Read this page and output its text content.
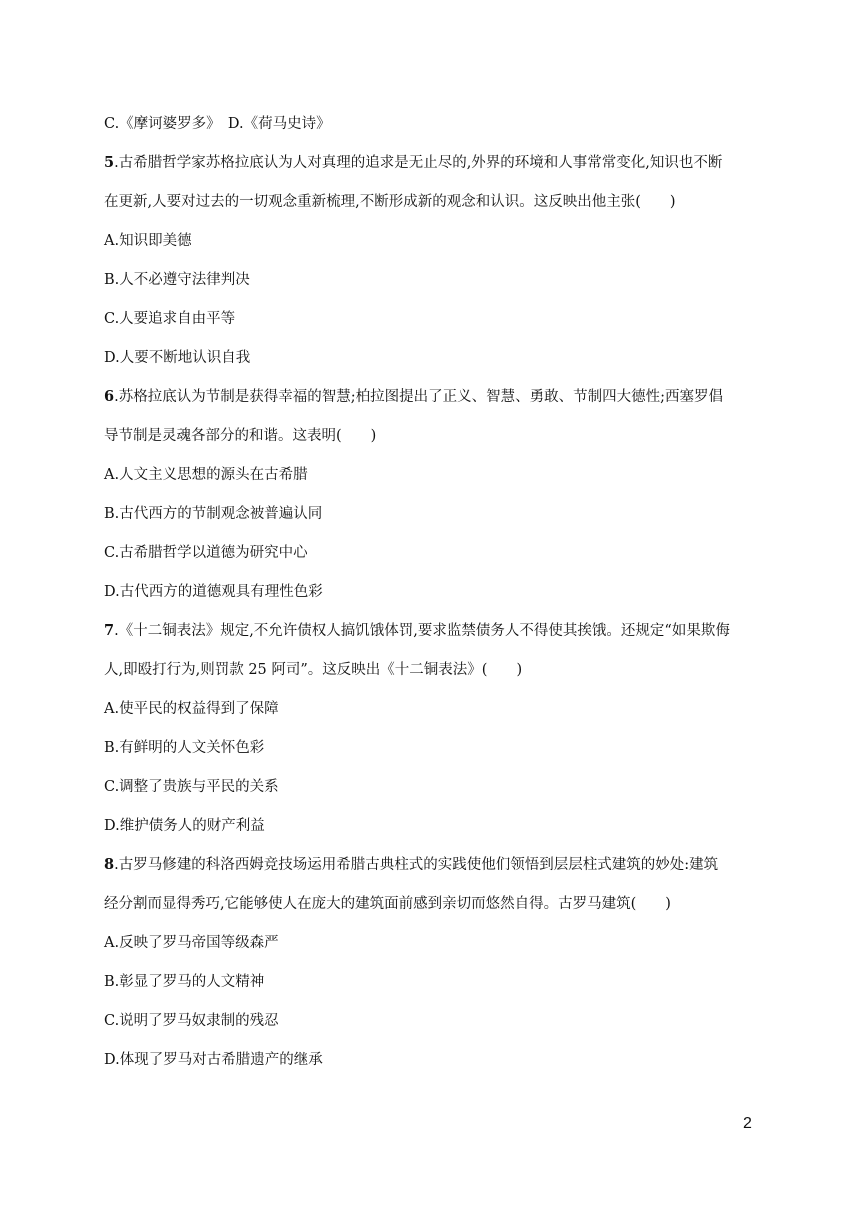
C.《摩诃婆罗多》　D.《荷马史诗》
5.古希腊哲学家苏格拉底认为人对真理的追求是无止尽的,外界的环境和人事常常变化,知识也不断
在更新,人要对过去的一切观念重新梳理,不断形成新的观念和认识。这反映出他主张(　　)
A.知识即美德
B.人不必遵守法律判决
C.人要追求自由平等
D.人要不断地认识自我
6.苏格拉底认为节制是获得幸福的智慧;柏拉图提出了正义、智慧、勇敢、节制四大德性;西塞罗倡
导节制是灵魂各部分的和谐。这表明(　　)
A.人文主义思想的源头在古希腊
B.古代西方的节制观念被普遍认同
C.古希腊哲学以道德为研究中心
D.古代西方的道德观具有理性色彩
7.《十二铜表法》规定,不允许债权人搞饥饿体罚,要求监禁债务人不得使其挨饿。还规定“如果欺侮
人,即殴打行为,则罚款 25 阿司”。这反映出《十二铜表法》(　　)
A.使平民的权益得到了保障
B.有鲜明的人文关怀色彩
C.调整了贵族与平民的关系
D.维护债务人的财产利益
8.古罗马修建的科洛西姆竞技场运用希腊古典柱式的实践使他们领悟到层层柱式建筑的妙处:建筑
经分割而显得秀巧,它能够使人在庞大的建筑面前感到亲切而悠然自得。古罗马建筑(　　)
A.反映了罗马帝国等级森严
B.彰显了罗马的人文精神
C.说明了罗马奴隶制的残忍
D.体现了罗马对古希腊遗产的继承
2
